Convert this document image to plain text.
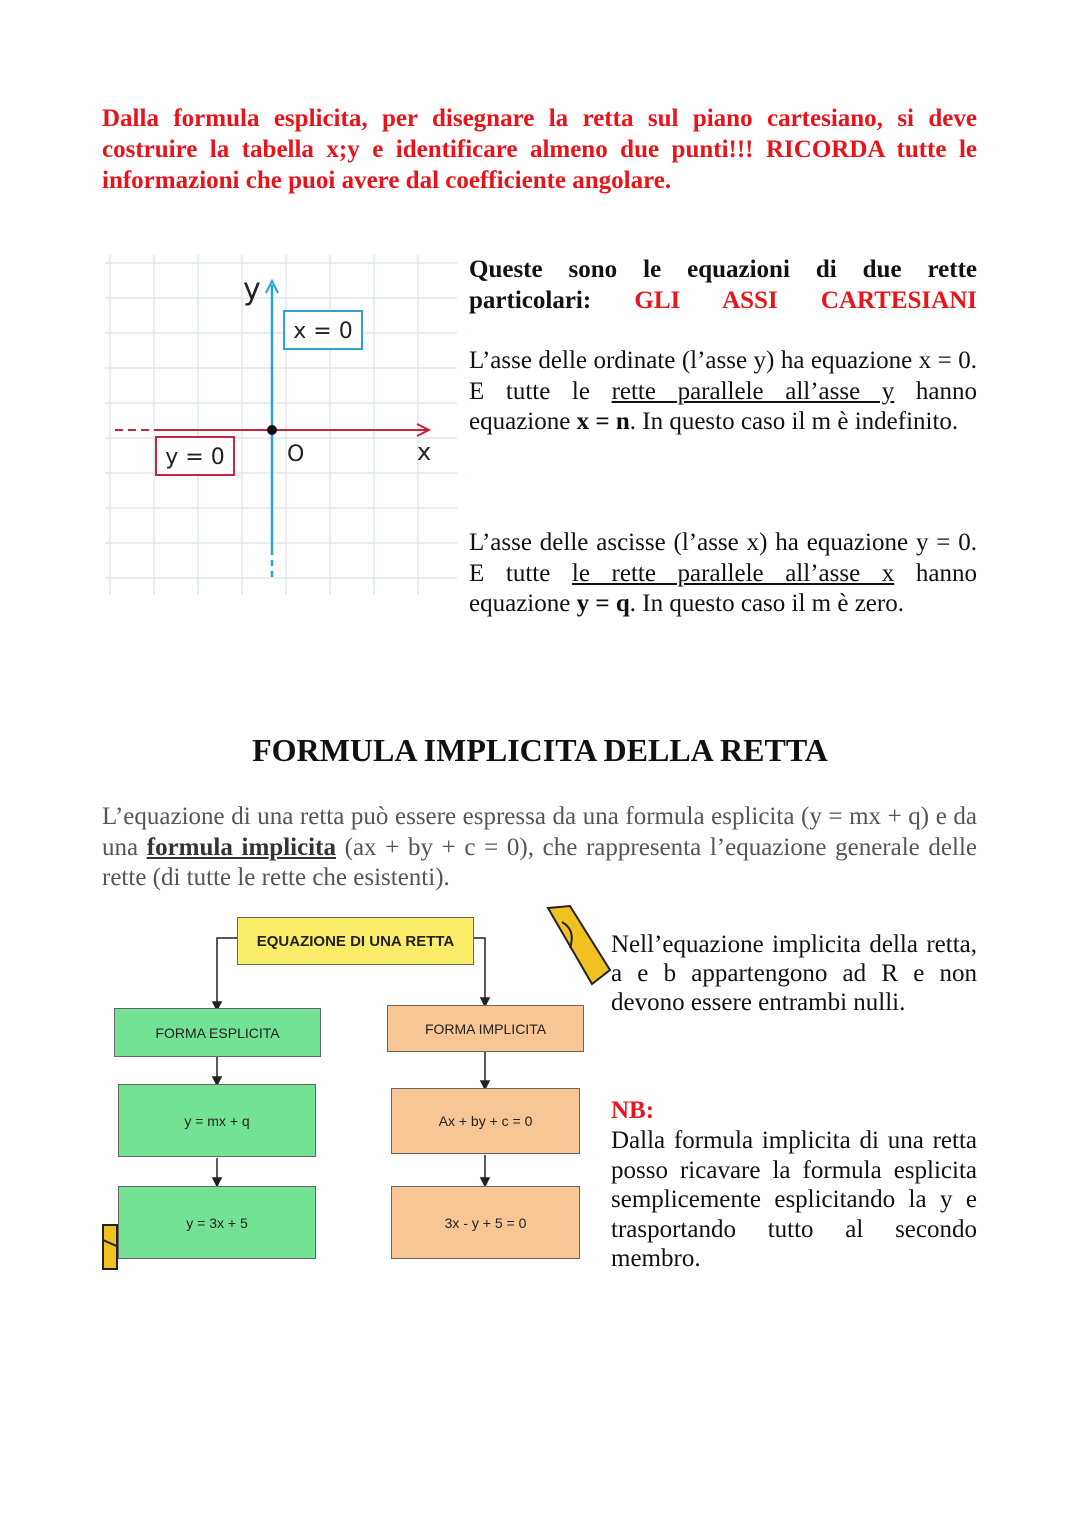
Dalla formula esplicita, per disegnare la retta sul piano cartesiano, si deve costruire la tabella x;y e identificare almeno due punti!!! RICORDA tutte le informazioni che puoi avere dal coefficiente angolare.
y
x
O
x = 0
y = 0
Queste sono le equazioni di due rette particolari: GLI ASSI CARTESIANI
L’asse delle ordinate (l’asse y) ha equazione x = 0. E tutte le rette parallele all’asse y hanno equazione x = n. In questo caso il m è indefinito.
L’asse delle ascisse (l’asse x) ha equazione y = 0. E tutte le rette parallele all’asse x hanno equazione y = q. In questo caso il m è zero.
FORMULA IMPLICITA DELLA RETTA
L’equazione di una retta può essere espressa da una formula esplicita (y = mx + q) e da una formula implicita (ax + by + c = 0), che rappresenta l’equazione generale delle rette (di tutte le rette che esistenti).
EQUAZIONE DI UNA RETTA
FORMA ESPLICITA
y = mx + q
y = 3x + 5
FORMA IMPLICITA
Ax + by + c = 0
3x - y + 5 = 0
Nell’equazione implicita della retta, a e b appartengono ad R e non devono essere entrambi nulli.
NB:
Dalla formula implicita di una retta posso ricavare la formula esplicita semplicemente esplicitando la y e trasportando tutto al secondo membro.
